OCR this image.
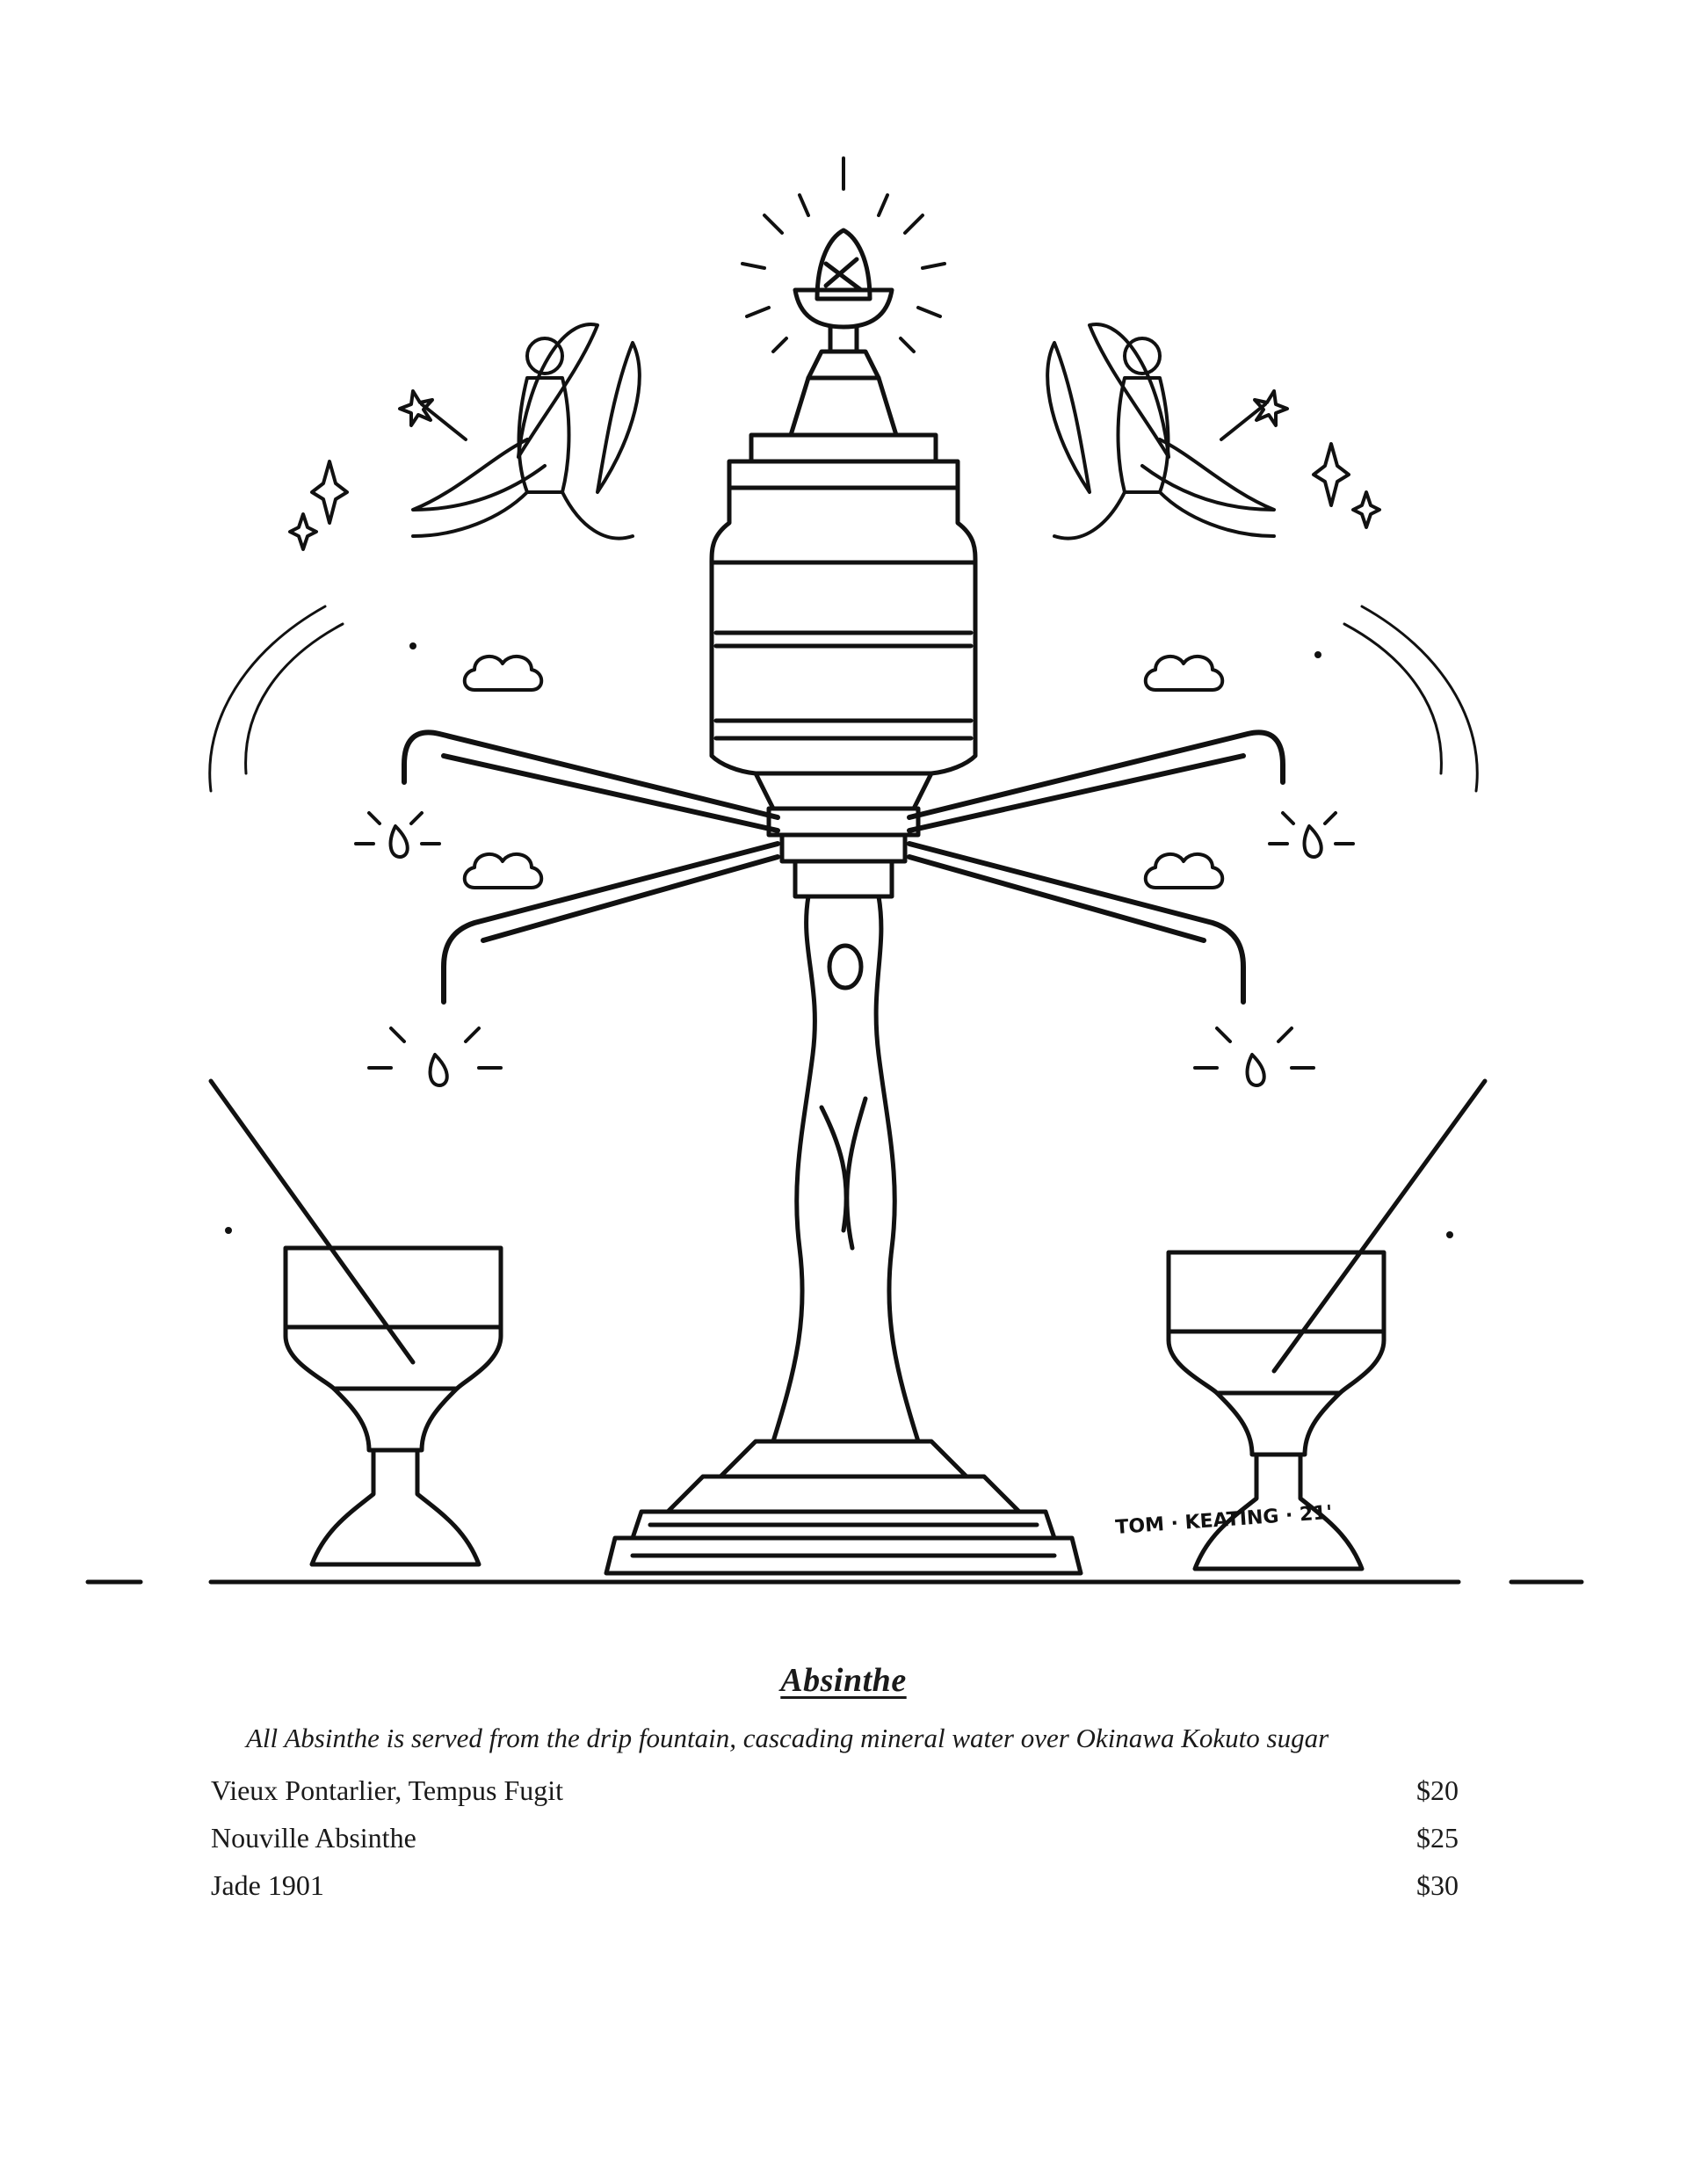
TOM · KEATING · 21'
Absinthe
All Absinthe is served from the drip fountain, cascading mineral water over Okinawa Kokuto sugar
Vieux Pontarlier, Tempus Fugit	$20
Nouville Absinthe	$25
Jade 1901	$30
